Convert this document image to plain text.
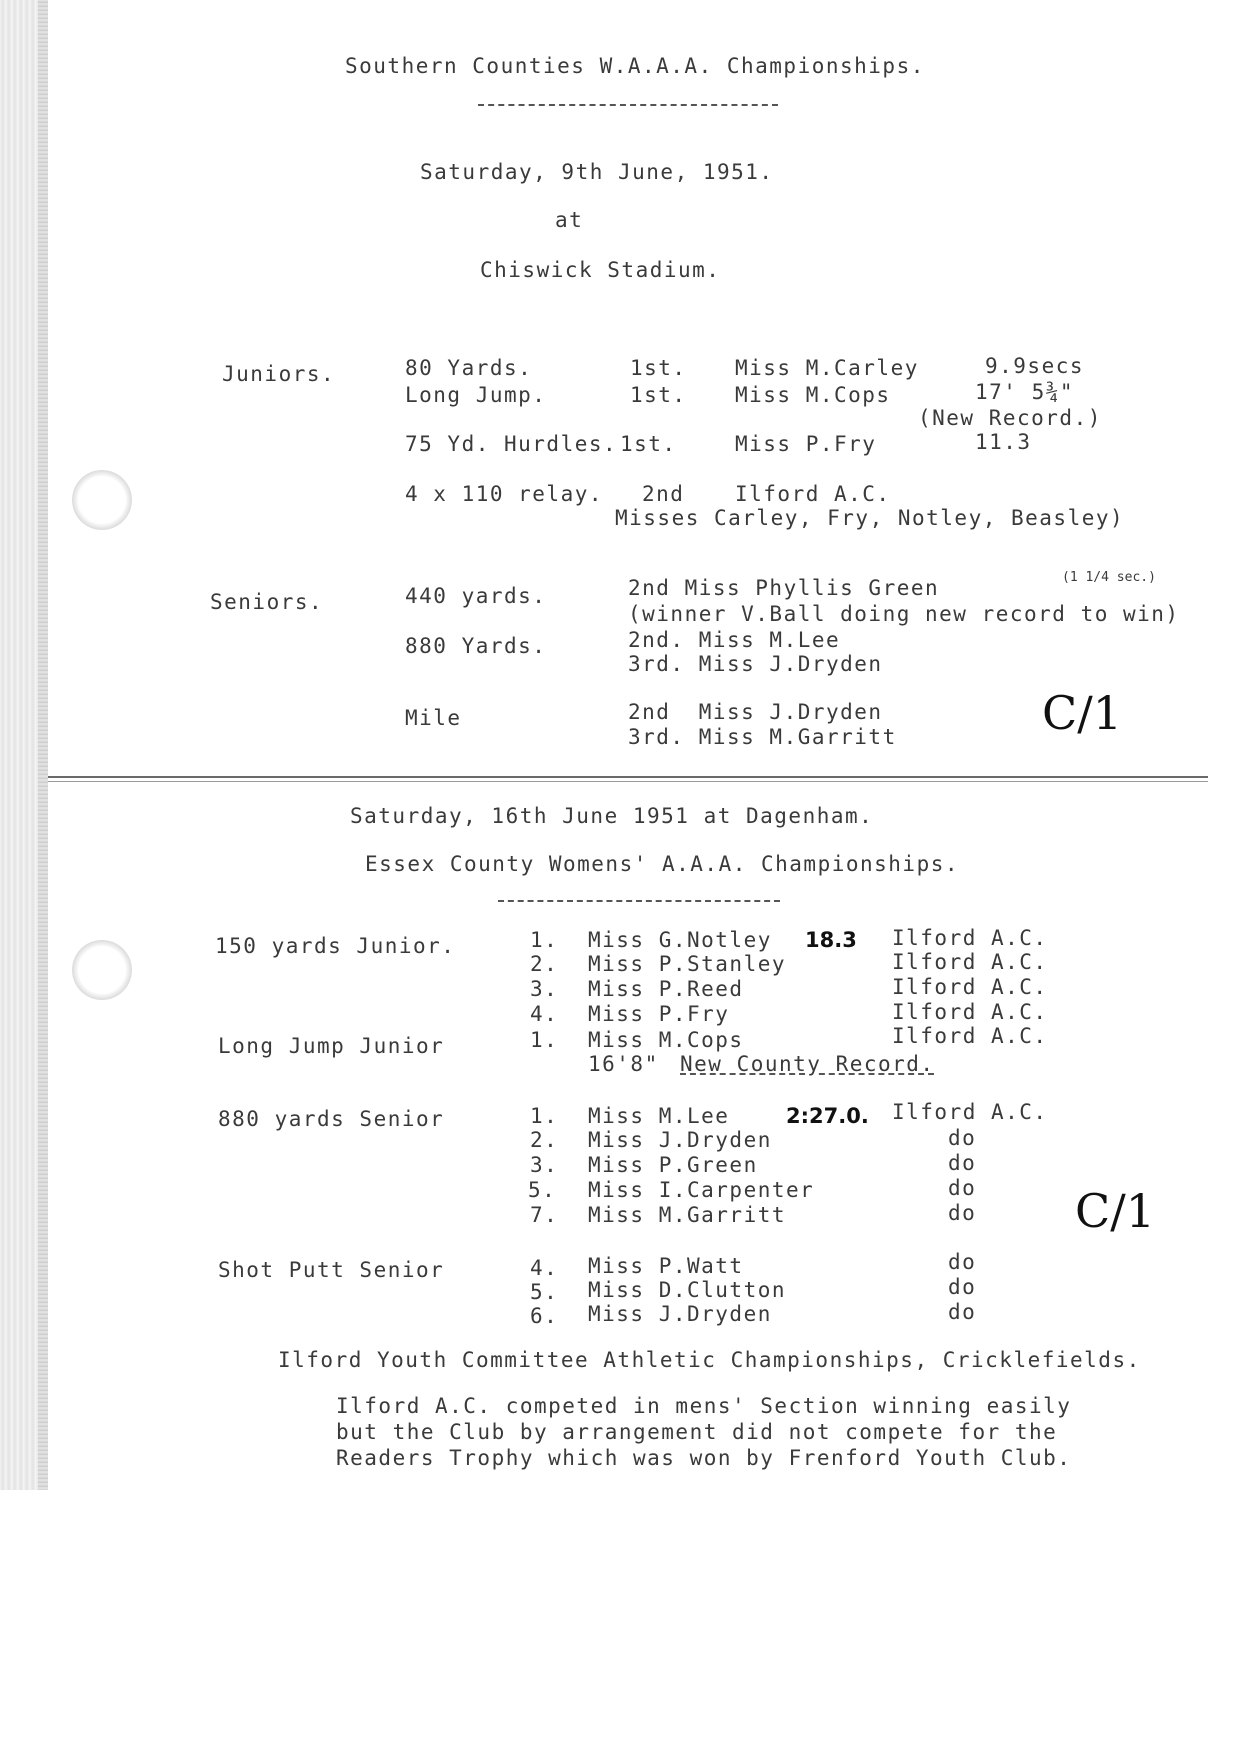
Southern Counties W.A.A.A. Championships.
Saturday, 9th June, 1951.
at
Chiswick Stadium.
Juniors.	80 Yards.	1st. Miss M.Carley	9.9secs
Long Jump.	1st. Miss M.Cops	17' 5¾"
(New Record.)
75 Yd. Hurdles. 1st.	Miss P.Fry	11.3
4 x 110 relay. 2nd Ilford A.C.
Misses Carley, Fry, Notley, Beasley)
Seniors.	440 yards.	2nd Miss Phyllis Green	(1 1/4 sec.)
(winner V.Ball doing new record to win)
880 Yards.	2nd. Miss M.Lee
3rd. Miss J.Dryden
Mile	2nd  Miss J.Dryden
3rd. Miss M.Garritt	C/1
Saturday, 16th June 1951 at Dagenham.
Essex County Womens' A.A.A. Championships.
150 yards Junior.	1. Miss G.Notley 18.3 Ilford A.C.
2. Miss P.Stanley	Ilford A.C.
3. Miss P.Reed	Ilford A.C.
4. Miss P.Fry	Ilford A.C.
Long Jump Junior	1. Miss M.Cops	Ilford A.C.
16'8" New County Record.
880 yards Senior	1. Miss M.Lee	2:27.0. Ilford A.C.
2. Miss J.Dryden	do
3. Miss P.Green	do
5. Miss I.Carpenter	do
7. Miss M.Garritt	do C/1
Shot Putt Senior	4. Miss P.Watt	do
5. Miss D.Clutton	do
6. Miss J.Dryden	do
Ilford Youth Committee Athletic Championships, Cricklefields.
Ilford A.C. competed in mens' Section winning easily
but the Club by arrangement did not compete for the
Readers Trophy which was won by Frenford Youth Club.
